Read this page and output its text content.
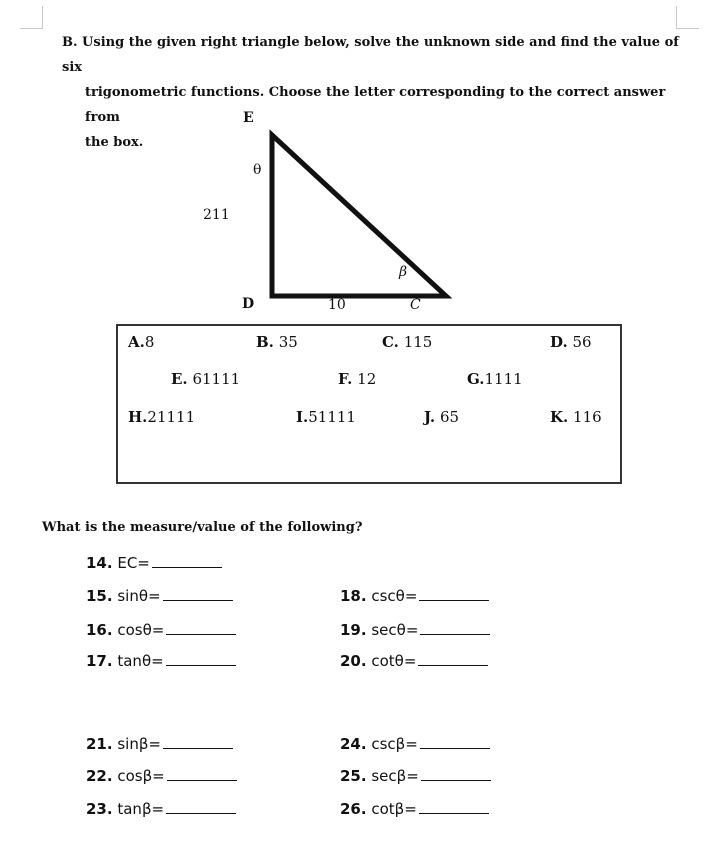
B. Using the given right triangle below, solve the unknown side and find the value of six
trigonometric functions. Choose the letter corresponding to the correct answer from
the box.
E
θ
211
D	10	C
β
A.8	B. 35	C. 115	D. 56
E. 61111	F. 12	G.1111
H.21111	I.51111	J. 65	K. 116
What is the measure/value of the following?
14. EC=
15. sinθ=
16. cosθ=
17. tanθ=
18. cscθ=
19. secθ=
20. cotθ=
21. sinβ=
22. cosβ=
23. tanβ=
24. cscβ=
25. secβ=
26. cotβ=
